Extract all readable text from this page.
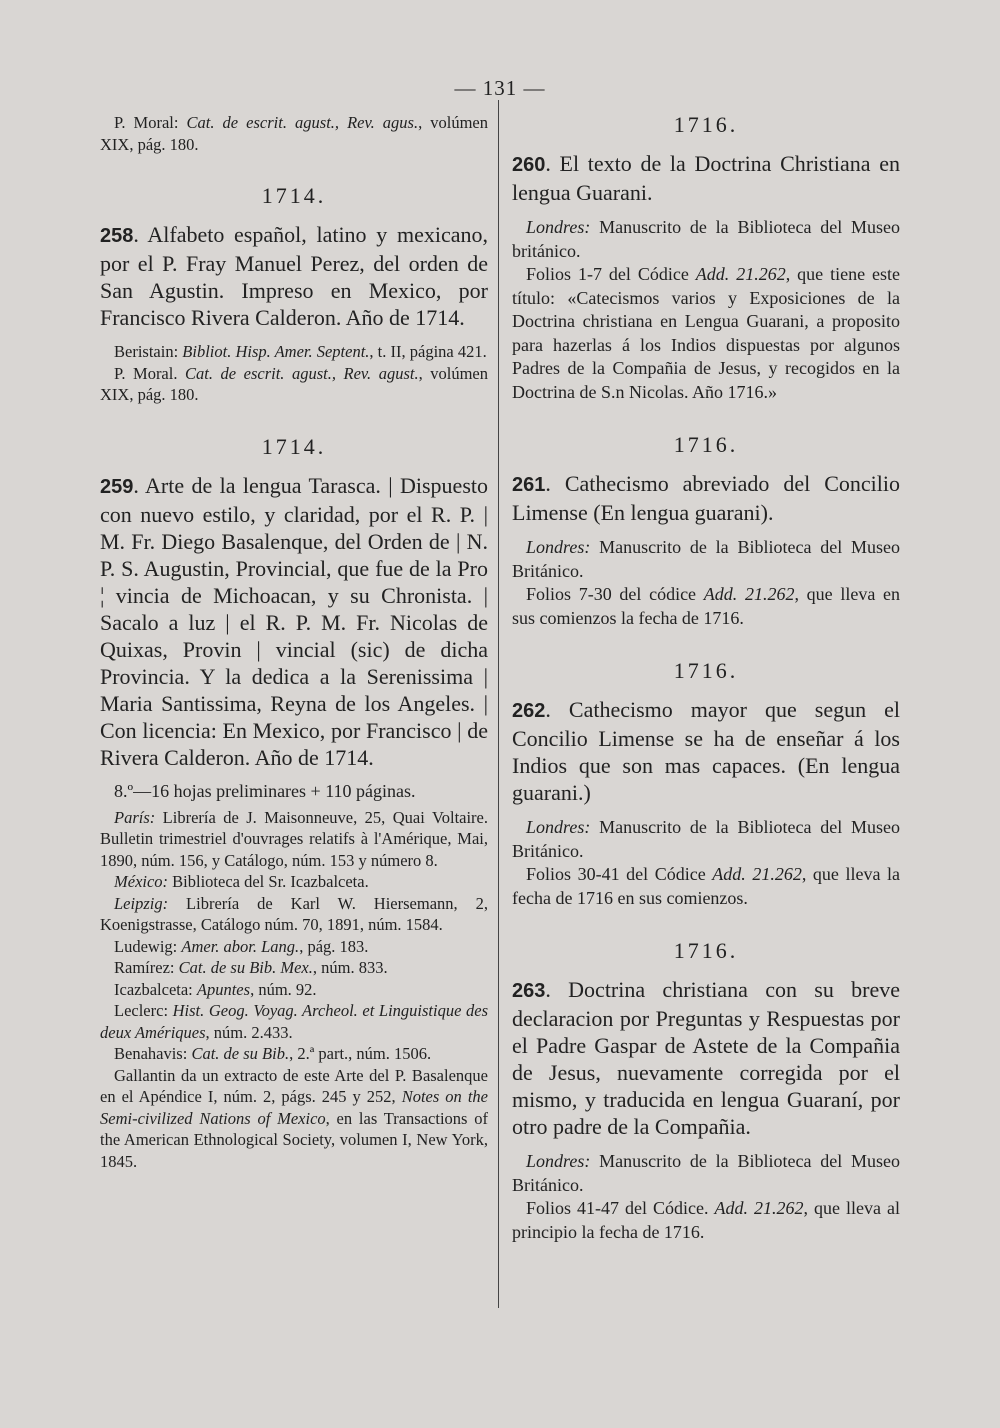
— 131 —

P. Moral: Cat. de escrit. agust., Rev. agus., volúmen XIX, pág. 180.

1714.

258. Alfabeto español, latino y mexicano, por el P. Fray Manuel Perez, del orden de San Agustin. Impreso en Mexico, por Francisco Rivera Calderon. Año de 1714.

Beristain: Bibliot. Hisp. Amer. Septent., t. II, página 421.

P. Moral. Cat. de escrit. agust., Rev. agust., volúmen XIX, pág. 180.

1714.

259. Arte de la lengua Tarasca. | Dispuesto con nuevo estilo, y claridad, por el R. P. | M. Fr. Diego Basalenque, del Orden de | N. P. S. Augustin, Provincial, que fue de la Pro ¦ vincia de Michoacan, y su Chronista. | Sacalo a luz | el R. P. M. Fr. Nicolas de Quixas, Provin | vincial (sic) de dicha Provincia. Y la dedica a la Serenissima | Maria Santissima, Reyna de los Angeles. | Con licencia: En Mexico, por Francisco | de Rivera Calderon. Año de 1714.

8.º—16 hojas preliminares + 110 páginas.

París: Librería de J. Maisonneuve, 25, Quai Voltaire. Bulletin trimestriel d'ouvrages relatifs à l'Amérique, Mai, 1890, núm. 156, y Catálogo, núm. 153 y número 8.

México: Biblioteca del Sr. Icazbalceta.

Leipzig: Librería de Karl W. Hiersemann, 2, Koenigstrasse, Catálogo núm. 70, 1891, núm. 1584.

Ludewig: Amer. abor. Lang., pág. 183.

Ramírez: Cat. de su Bib. Mex., núm. 833.

Icazbalceta: Apuntes, núm. 92.

Leclerc: Hist. Geog. Voyag. Archeol. et Linguistique des deux Amériques, núm. 2.433.

Benahavis: Cat. de su Bib., 2.ª part., núm. 1506.

Gallantin da un extracto de este Arte del P. Basalenque en el Apéndice I, núm. 2, págs. 245 y 252, Notes on the Semi-civilized Nations of Mexico, en las Transactions of the American Ethnological Society, volumen I, New York, 1845.

1716.

260. El texto de la Doctrina Christiana en lengua Guarani.

Londres: Manuscrito de la Biblioteca del Museo británico.

Folios 1-7 del Códice Add. 21.262, que tiene este título: «Catecismos varios y Exposiciones de la Doctrina christiana en Lengua Guarani, a proposito para hazerlas á los Indios dispuestas por algunos Padres de la Compañia de Jesus, y recogidos en la Doctrina de S.n Nicolas. Año 1716.»

1716.

261. Cathecismo abreviado del Concilio Limense (En lengua guarani).

Londres: Manuscrito de la Biblioteca del Museo Británico.

Folios 7-30 del códice Add. 21.262, que lleva en sus comienzos la fecha de 1716.

1716.

262. Cathecismo mayor que segun el Concilio Limense se ha de enseñar á los Indios que son mas capaces. (En lengua guarani.)

Londres: Manuscrito de la Biblioteca del Museo Británico.

Folios 30-41 del Códice Add. 21.262, que lleva la fecha de 1716 en sus comienzos.

1716.

263. Doctrina christiana con su breve declaracion por Preguntas y Respuestas por el Padre Gaspar de Astete de la Compañia de Jesus, nuevamente corregida por el mismo, y traducida en lengua Guaraní, por otro padre de la Compañia.

Londres: Manuscrito de la Biblioteca del Museo Británico.

Folios 41-47 del Códice. Add. 21.262, que lleva al principio la fecha de 1716.
